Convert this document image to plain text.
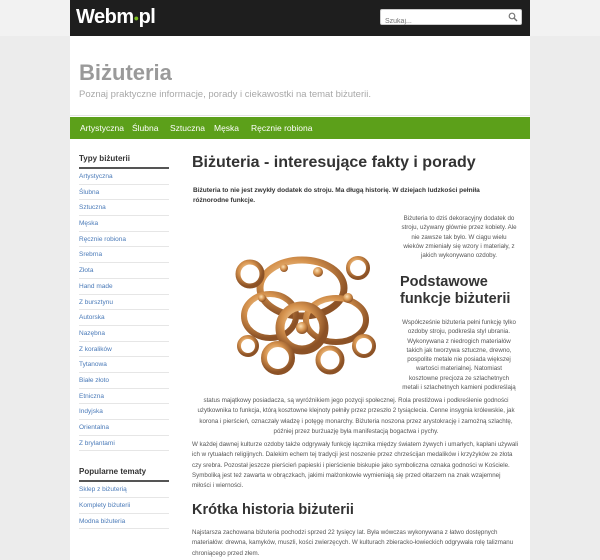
Webm●pl
Szukaj...
Biżuteria
Poznaj praktyczne informacje, porady i ciekawostki na temat biżuterii.
Artystyczna Ślubna Sztuczna Męska Ręcznie robiona
Typy biżuterii
Artystyczna
Ślubna
Sztuczna
Męska
Ręcznie robiona
Srebrna
Złota
Hand made
Z bursztynu
Autorska
Nazębna
Z koralików
Tytanowa
Białe złoto
Etniczna
Indyjska
Orientalna
Z brylantami
Popularne tematy
Sklep z biżuterią
Komplety biżuterii
Modna biżuteria
Biżuteria - interesujące fakty i porady
Biżuteria to nie jest zwykły dodatek do stroju. Ma długą historię. W dziejach ludzkości pełniła różnorodne funkcje.
Biżuteria to dziś dekoracyjny dodatek do
stroju, używany głównie przez kobiety. Ale
nie zawsze tak było. W ciągu wielu
wieków zmieniały się wzory i materiały, z
jakich wykonywano ozdoby.
Podstawowe
funkcje biżuterii
Współcześnie biżuteria pełni funkcję tylko
ozdoby stroju, podkreśla styl ubrania.
Wykonywana z niedrogich materiałów
takich jak tworzywa sztuczne, drewno,
pospolite metale nie posiada większej
wartości materialnej. Natomiast
kosztowne precjoza ze szlachetnych
metali i szlachetnych kamieni podkreślają
status majątkowy posiadacza, są wyróżnikiem jego pozycji społecznej. Rola prestiżowa i podkreślenie godności
użytkownika to funkcja, którą kosztowne klejnoty pełniły przez przeszło 2 tysiąclecia. Cenne insygnia królewskie, jak
korona i pierścień, oznaczały władzę i potęgę monarchy. Biżuteria noszona przez arystokrację i zamożną szlachtę,
później przez burżuazję była manifestacją bogactwa i pychy.
W każdej dawnej kulturze ozdoby także odgrywały funkcję łącznika między światem żywych i umarłych, kapłani używali
ich w rytuałach religijnych. Dalekim echem tej tradycji jest noszenie przez chrześcijan medalików i krzyżyków ze złota
czy srebra. Pozostał jeszcze pierścień papieski i pierścienie biskupie jako symboliczna oznaka godności w Kościele.
Symboliką jest też zawarta w obrączkach, jakimi małżonkowie wymieniają się przed ołtarzem na znak wzajemnej
miłości i wierności.
Krótka historia biżuterii
Najstarsza zachowana biżuteria pochodzi sprzed 22 tysięcy lat. Była wówczas wykonywana z łatwo dostępnych
materiałów: drewna, kamyków, muszli, kości zwierzęcych. W kulturach zbieracko-łowieckich odgrywała rolę talizmanu
chroniącego przed złem.
